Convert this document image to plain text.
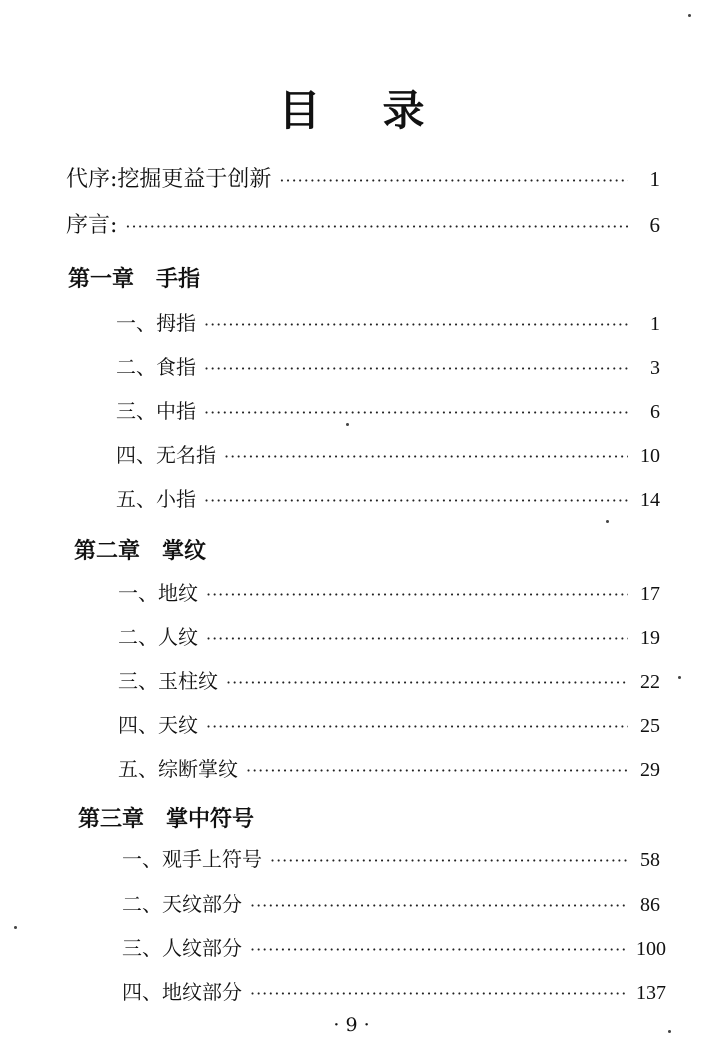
目录
代序:挖掘更益于创新 ·····	1
序言: ·····	6
第一章　手指
一、拇指 ·····	1
二、食指 ·····	3
三、中指 ·····	6
四、无名指 ·····	10
五、小指 ·····	14
第二章　掌纹
一、地纹 ·····	17
二、人纹 ·····	19
三、玉柱纹 ·····	22
四、天纹 ·····	25
五、综断掌纹 ·····	29
第三章　掌中符号
一、观手上符号 ·····	58
二、天纹部分 ·····	86
三、人纹部分 ·····	100
四、地纹部分 ·····	137
· 9 ·
